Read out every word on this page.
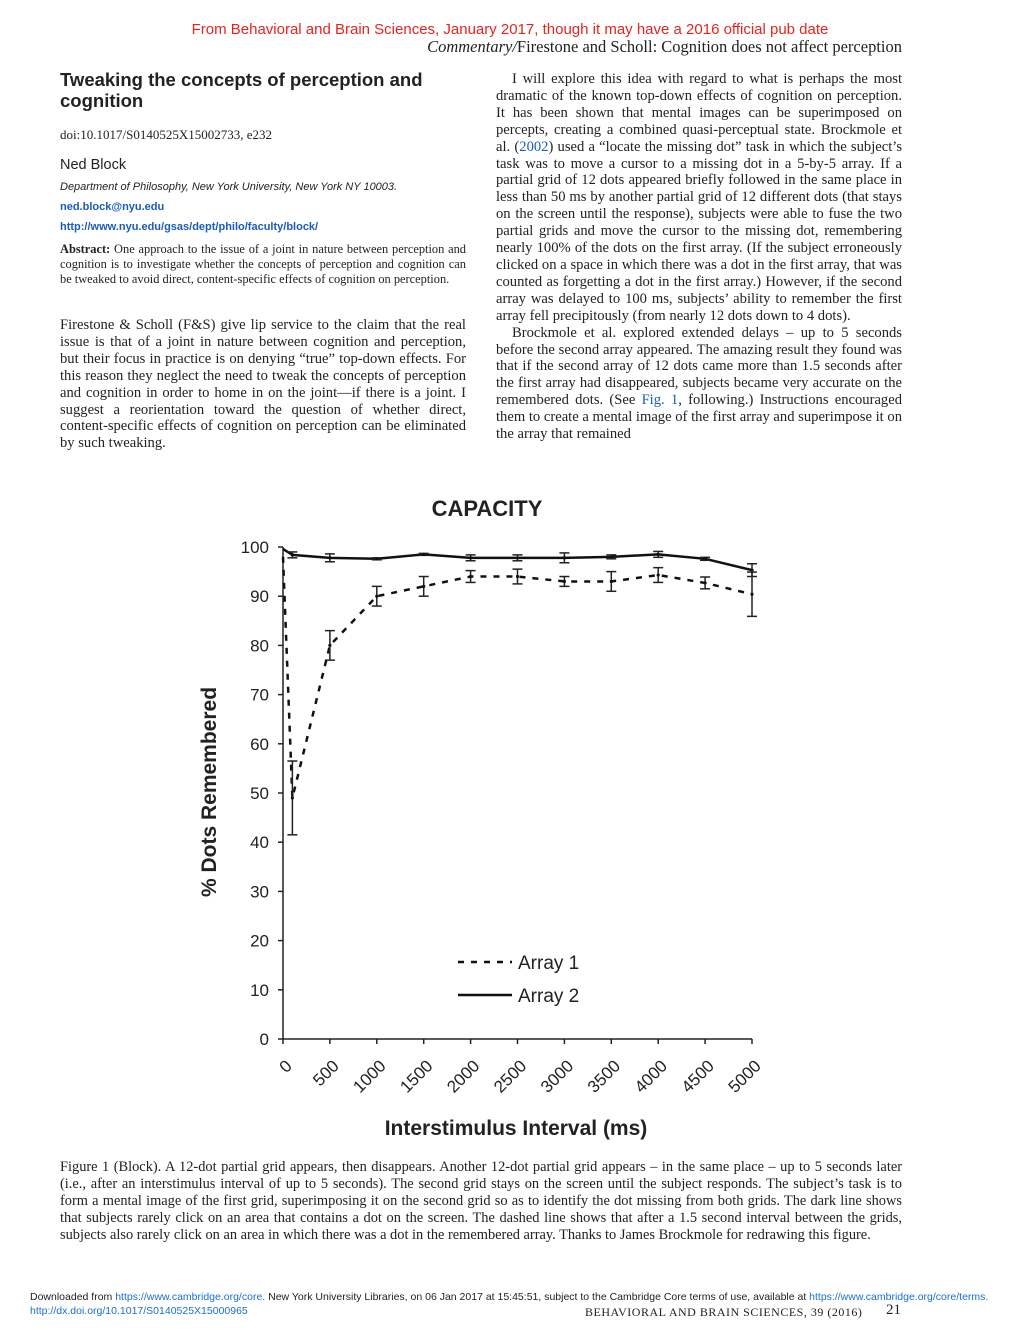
From Behavioral and Brain Sciences, January 2017, though it may have a 2016 official pub date
Commentary/Firestone and Scholl: Cognition does not affect perception
Tweaking the concepts of perception and cognition
doi:10.1017/S0140525X15002733, e232
Ned Block
Department of Philosophy, New York University, New York NY 10003.
ned.block@nyu.edu
http://www.nyu.edu/gsas/dept/philo/faculty/block/
Abstract: One approach to the issue of a joint in nature between perception and cognition is to investigate whether the concepts of perception and cognition can be tweaked to avoid direct, content-specific effects of cognition on perception.
Firestone & Scholl (F&S) give lip service to the claim that the real issue is that of a joint in nature between cognition and perception, but their focus in practice is on denying “true” top-down effects. For this reason they neglect the need to tweak the concepts of perception and cognition in order to home in on the joint—if there is a joint. I suggest a reorientation toward the question of whether direct, content-specific effects of cognition on perception can be eliminated by such tweaking.

I will explore this idea with regard to what is perhaps the most dramatic of the known top-down effects of cognition on perception. It has been shown that mental images can be superimposed on percepts, creating a combined quasi-perceptual state. Brockmole et al. (2002) used a “locate the missing dot” task in which the subject’s task was to move a cursor to a missing dot in a 5-by-5 array. If a partial grid of 12 dots appeared briefly followed in the same place in less than 50 ms by another partial grid of 12 different dots (that stays on the screen until the response), subjects were able to fuse the two partial grids and move the cursor to the missing dot, remembering nearly 100% of the dots on the first array. (If the subject erroneously clicked on a space in which there was a dot in the first array, that was counted as forgetting a dot in the first array.) However, if the second array was delayed to 100 ms, subjects’ ability to remember the first array fell precipitously (from nearly 12 dots down to 4 dots).

Brockmole et al. explored extended delays – up to 5 seconds before the second array appeared. The amazing result they found was that if the second array of 12 dots came more than 1.5 seconds after the first array had disappeared, subjects became very accurate on the remembered dots. (See Fig. 1, following.) Instructions encouraged them to create a mental image of the first array and superimpose it on the array that remained

CAPACITY
0
10
20
30
40
50
60
70
80
90
100
0 500 1000 1500 2000 2500 3000 3500 4000 4500 5000
% Dots Remembered
Interstimulus Interval (ms)
Array 1
Array 2
Figure 1 (Block). A 12-dot partial grid appears, then disappears. Another 12-dot partial grid appears – in the same place – up to 5 seconds later (i.e., after an interstimulus interval of up to 5 seconds). The second grid stays on the screen until the subject responds. The subject’s task is to form a mental image of the first grid, superimposing it on the second grid so as to identify the dot missing from both grids. The dark line shows that subjects rarely click on an area that contains a dot on the screen. The dashed line shows that after a 1.5 second interval between the grids, subjects also rarely click on an area in which there was a dot in the remembered array. Thanks to James Brockmole for redrawing this figure.
Downloaded from https://www.cambridge.org/core. New York University Libraries, on 06 Jan 2017 at 15:45:51, subject to the Cambridge Core terms of use, available at https://www.cambridge.org/core/terms.
http://dx.doi.org/10.1017/S0140525X15000965	BEHAVIORAL AND BRAIN SCIENCES, 39 (2016) 21
